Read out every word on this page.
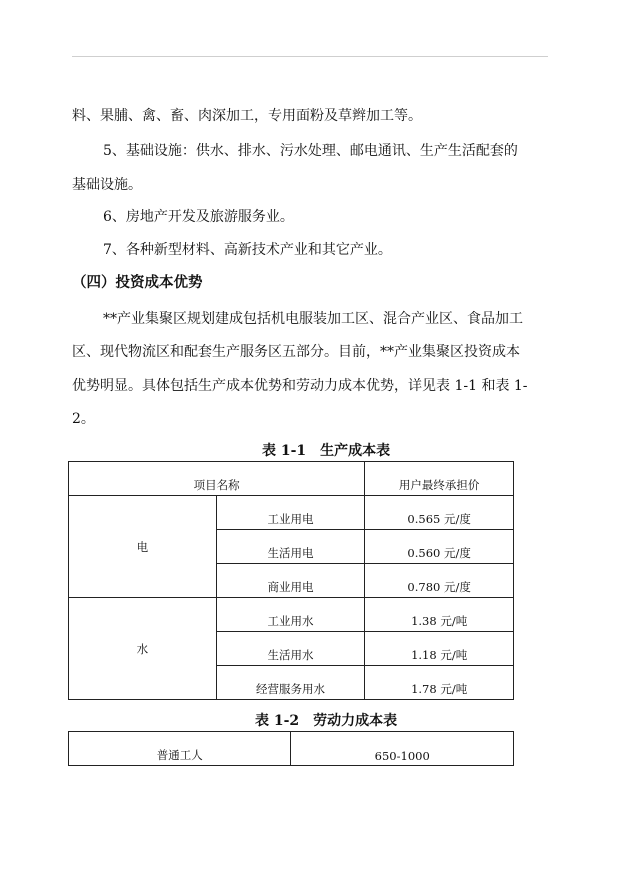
料、果脯、禽、畜、肉深加工，专用面粉及草辫加工等。
5、基础设施：供水、排水、污水处理、邮电通讯、生产生活配套的
基础设施。
6、房地产开发及旅游服务业。
7、各种新型材料、高新技术产业和其它产业。
（四）投资成本优势
**产业集聚区规划建成包括机电服装加工区、混合产业区、食品加工
区、现代物流区和配套生产服务区五部分。目前，**产业集聚区投资成本
优势明显。具体包括生产成本优势和劳动力成本优势，详见表 1-1 和表 1-
2。
表 1-1　生产成本表
项目名称		用户最终承担价
电	工业用电	0.565 元/度
	生活用电	0.560 元/度
	商业用电	0.780 元/度
水	工业用水	1.38 元/吨
	生活用水	1.18 元/吨
	经营服务用水	1.78 元/吨
表 1-2　劳动力成本表
普通工人	650-1000
